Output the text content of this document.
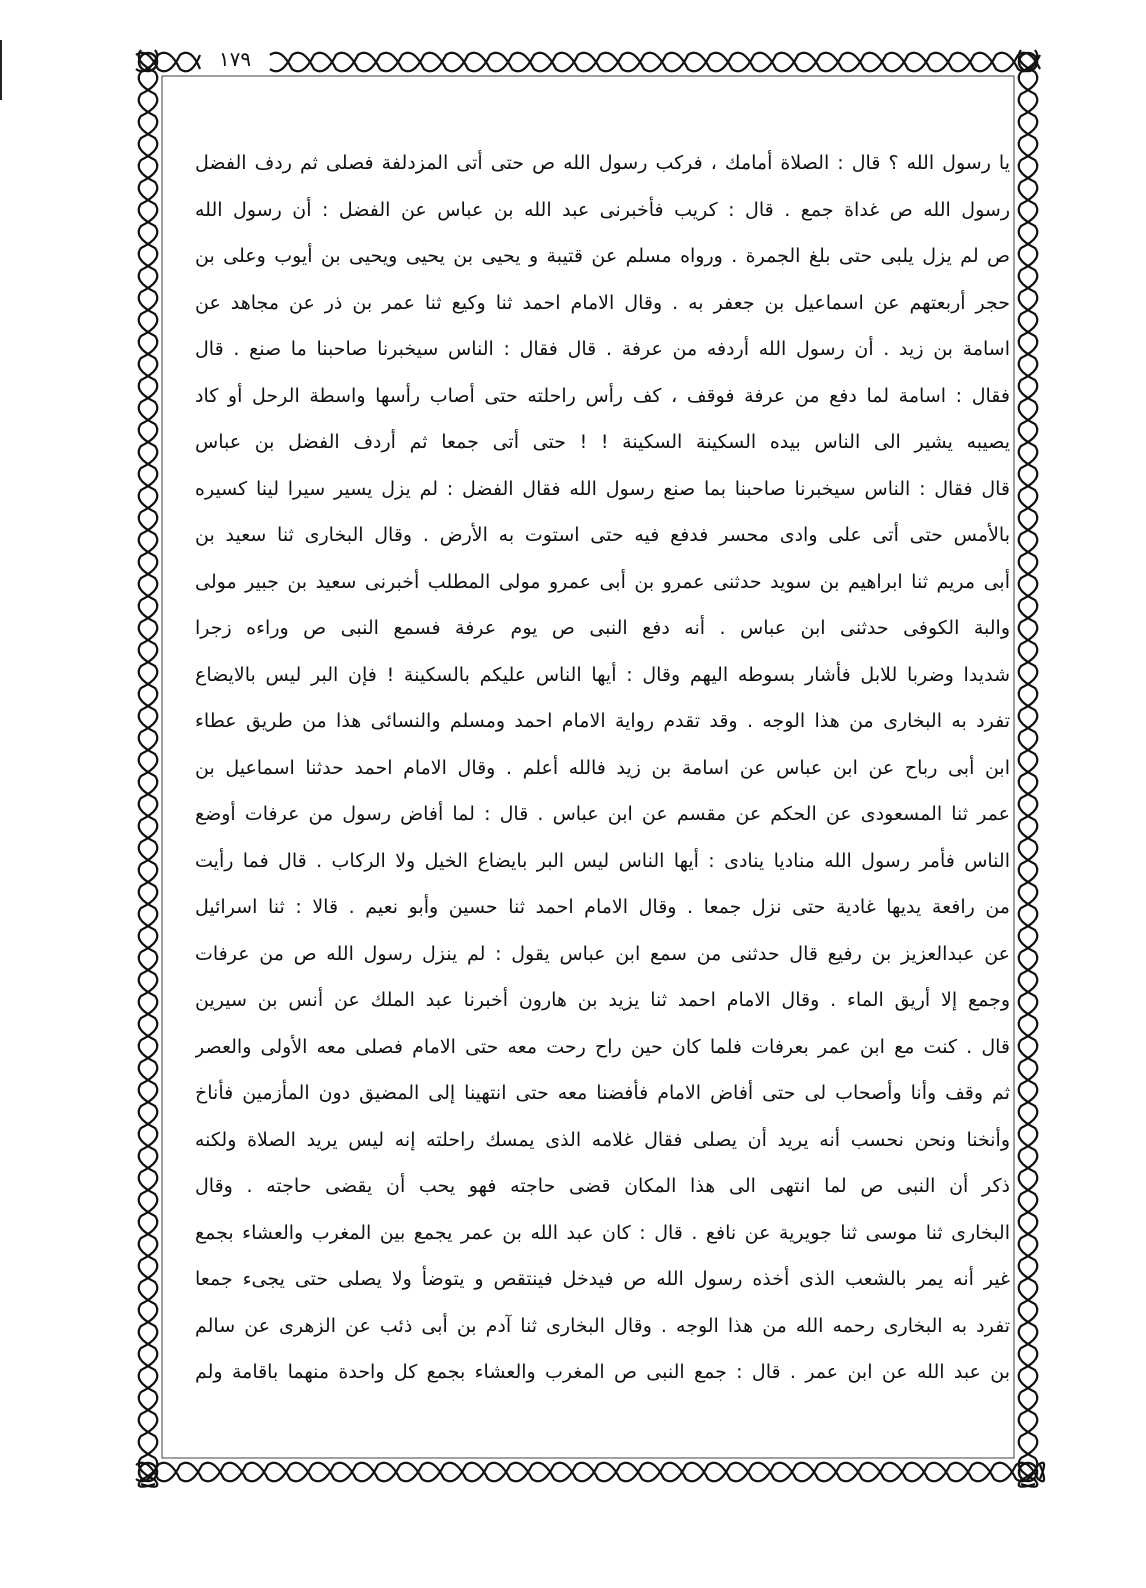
١٧٩
يا رسول الله ؟ قال : الصلاة أمامك ، فركب رسول الله ص حتى أتى المزدلفة فصلى ثم ردف الفضل
رسول الله ص غداة جمع . قال : كريب فأخبرنى عبد الله بن عباس عن الفضل : أن رسول الله
ص لم يزل يلبى حتى بلغ الجمرة . ورواه مسلم عن قتيبة و يحيى بن يحيى ويحيى بن أيوب وعلى بن
حجر أربعتهم عن اسماعيل بن جعفر به . وقال الامام احمد ثنا وكيع ثنا عمر بن ذر عن مجاهد عن
اسامة بن زيد . أن رسول الله أردفه من عرفة . قال فقال : الناس سيخبرنا صاحبنا ما صنع . قال
فقال : اسامة لما دفع من عرفة فوقف ، كف رأس راحلته حتى أصاب رأسها واسطة الرحل أو كاد
يصيبه يشير الى الناس بيده السكينة السكينة ! ! حتى أتى جمعا ثم أردف الفضل بن عباس
قال فقال : الناس سيخبرنا صاحبنا بما صنع رسول الله فقال الفضل : لم يزل يسير سيرا لينا كسيره
بالأمس حتى أتى على وادى محسر فدفع فيه حتى استوت به الأرض . وقال البخارى ثنا سعيد بن
أبى مريم ثنا ابراهيم بن سويد حدثنى عمرو بن أبى عمرو مولى المطلب أخبرنى سعيد بن جبير مولى
والبة الكوفى حدثنى ابن عباس . أنه دفع النبى ص يوم عرفة فسمع النبى ص وراءه زجرا
شديدا وضربا للابل فأشار بسوطه اليهم وقال : أيها الناس عليكم بالسكينة ! فإن البر ليس بالايضاع
تفرد به البخارى من هذا الوجه . وقد تقدم رواية الامام احمد ومسلم والنسائى هذا من طريق عطاء
ابن أبى رباح عن ابن عباس عن اسامة بن زيد فالله أعلم . وقال الامام احمد حدثنا اسماعيل بن
عمر ثنا المسعودى عن الحكم عن مقسم عن ابن عباس . قال : لما أفاض رسول من عرفات أوضع
الناس فأمر رسول الله مناديا ينادى : أيها الناس ليس البر بايضاع الخيل ولا الركاب . قال فما رأيت
من رافعة يديها غادية حتى نزل جمعا . وقال الامام احمد ثنا حسين وأبو نعيم . قالا : ثنا اسرائيل
عن عبدالعزيز بن رفيع قال حدثنى من سمع ابن عباس يقول : لم ينزل رسول الله ص من عرفات
وجمع إلا أريق الماء . وقال الامام احمد ثنا يزيد بن هارون أخبرنا عبد الملك عن أنس بن سيرين
قال . كنت مع ابن عمر بعرفات فلما كان حين راح رحت معه حتى الامام فصلى معه الأولى والعصر
ثم وقف وأنا وأصحاب لى حتى أفاض الامام فأفضنا معه حتى انتهينا إلى المضيق دون المأزمين فأناخ
وأنخنا ونحن نحسب أنه يريد أن يصلى فقال غلامه الذى يمسك راحلته إنه ليس يريد الصلاة ولكنه
ذكر أن النبى ص لما انتهى الى هذا المكان قضى حاجته فهو يحب أن يقضى حاجته . وقال
البخارى ثنا موسى ثنا جويرية عن نافع . قال : كان عبد الله بن عمر يجمع بين المغرب والعشاء بجمع
غير أنه يمر بالشعب الذى أخذه رسول الله ص فيدخل فينتقص و يتوضأ ولا يصلى حتى يجىء جمعا
تفرد به البخارى رحمه الله من هذا الوجه . وقال البخارى ثنا آدم بن أبى ذئب عن الزهرى عن سالم
بن عبد الله عن ابن عمر . قال : جمع النبى ص المغرب والعشاء بجمع كل واحدة منهما باقامة ولم
